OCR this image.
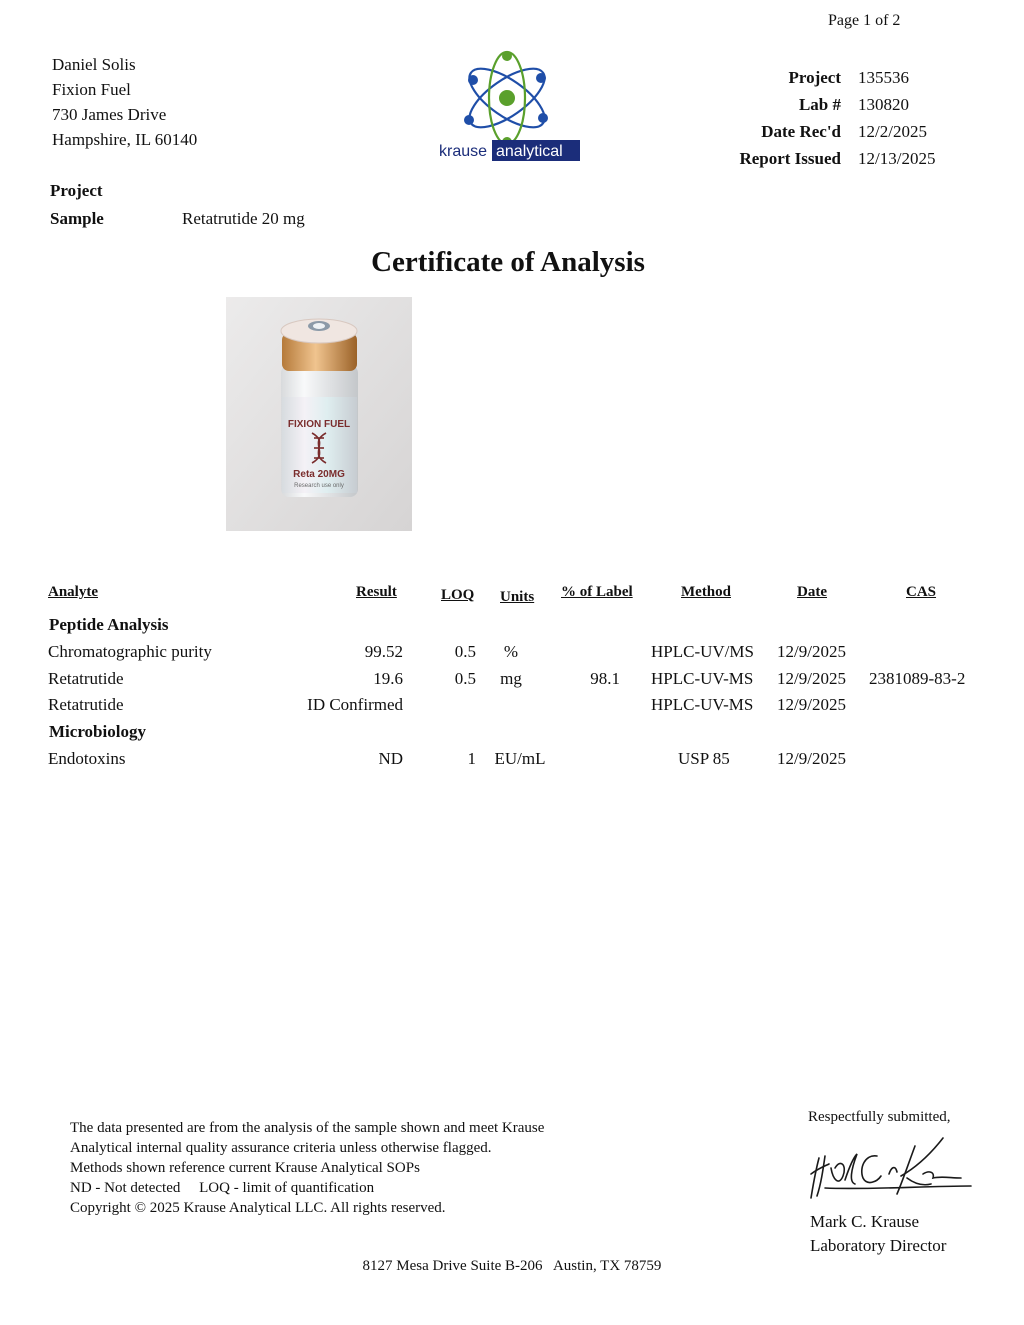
Page 1 of 2
Daniel Solis
Fixion Fuel
730 James Drive
Hampshire, IL 60140
krause analytical
Project 135536
Lab # 130820
Date Rec'd 12/2/2025
Report Issued 12/13/2025
Project
Sample	Retatrutide 20 mg
Certificate of Analysis
FIXION FUEL
Reta 20MG
Research use only
Analyte	Result	LOQ Units % of Label	Method	Date	CAS
Peptide Analysis
Chromatographic purity	99.52	0.5 %	HPLC-UV/MS 12/9/2025
Retatrutide	19.6	0.5 mg	98.1 HPLC-UV-MS 12/9/2025 2381089-83-2
Retatrutide	ID Confirmed	HPLC-UV-MS 12/9/2025
Microbiology
Endotoxins	ND	1 EU/mL	USP 85	12/9/2025
The data presented are from the analysis of the sample shown and meet Krause
Analytical internal quality assurance criteria unless otherwise flagged.
Methods shown reference current Krause Analytical SOPs
ND - Not detected     LOQ - limit of quantification
Copyright © 2025 Krause Analytical LLC. All rights reserved.
Respectfully submitted,
Mark C. Krause
Laboratory Director
8127 Mesa Drive Suite B-206   Austin, TX 78759
